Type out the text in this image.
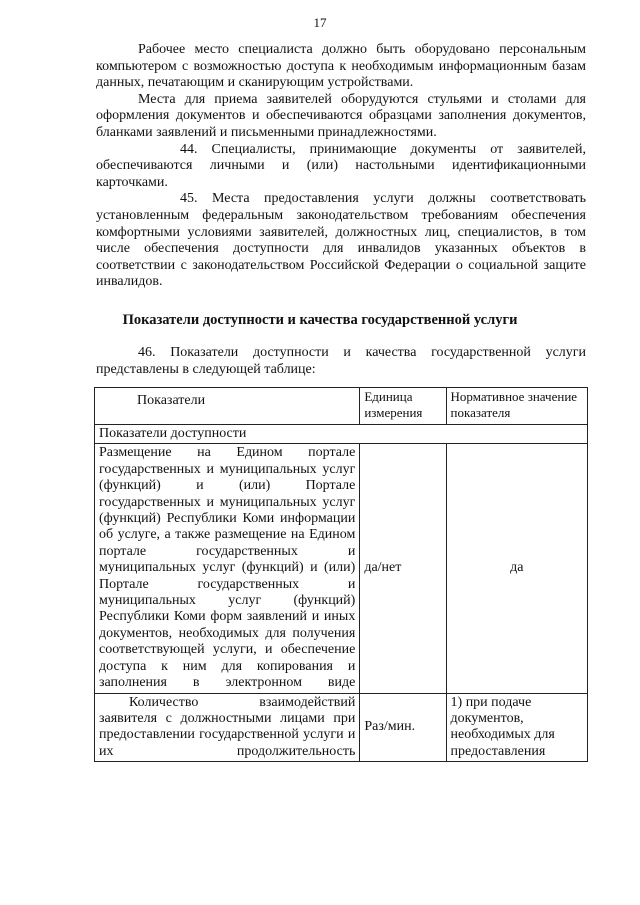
17

Рабочее место специалиста должно быть оборудовано персональным компьютером с возможностью доступа к необходимым информационным базам данных, печатающим и сканирующим устройствами.

Места для приема заявителей оборудуются стульями и столами для оформления документов и обеспечиваются образцами заполнения документов, бланками заявлений и письменными принадлежностями.

44. Специалисты, принимающие документы от заявителей, обеспечиваются личными и (или) настольными идентификационными карточками.

45. Места предоставления услуги должны соответствовать установленным федеральным законодательством требованиям обеспечения комфортными условиями заявителей, должностных лиц, специалистов, в том числе обеспечения доступности для инвалидов указанных объектов в соответствии с законодательством Российской Федерации о социальной защите инвалидов.

Показатели доступности и качества государственной услуги
46. Показатели доступности и качества государственной услуги представлены в следующей таблице:
Показатели	Единица измерения	Нормативное значение показателя
Показатели доступности		
Размещение на Едином портале государственных и муниципальных услуг (функций) и (или) Портале государственных и муниципальных услуг (функций) Республики Коми информации об услуге, а также размещение на Едином портале государственных и муниципальных услуг (функций) и (или) Портале государственных и муниципальных услуг (функций) Республики Коми форм заявлений и иных документов, необходимых для получения соответствующей услуги, и обеспечение доступа к ним для копирования и заполнения в электронном виде	да/нет	да
Количество взаимодействий заявителя с должностными лицами при предоставлении государственной услуги и их продолжительность	Раз/мин.	1) при подаче документов, необходимых для предоставления
